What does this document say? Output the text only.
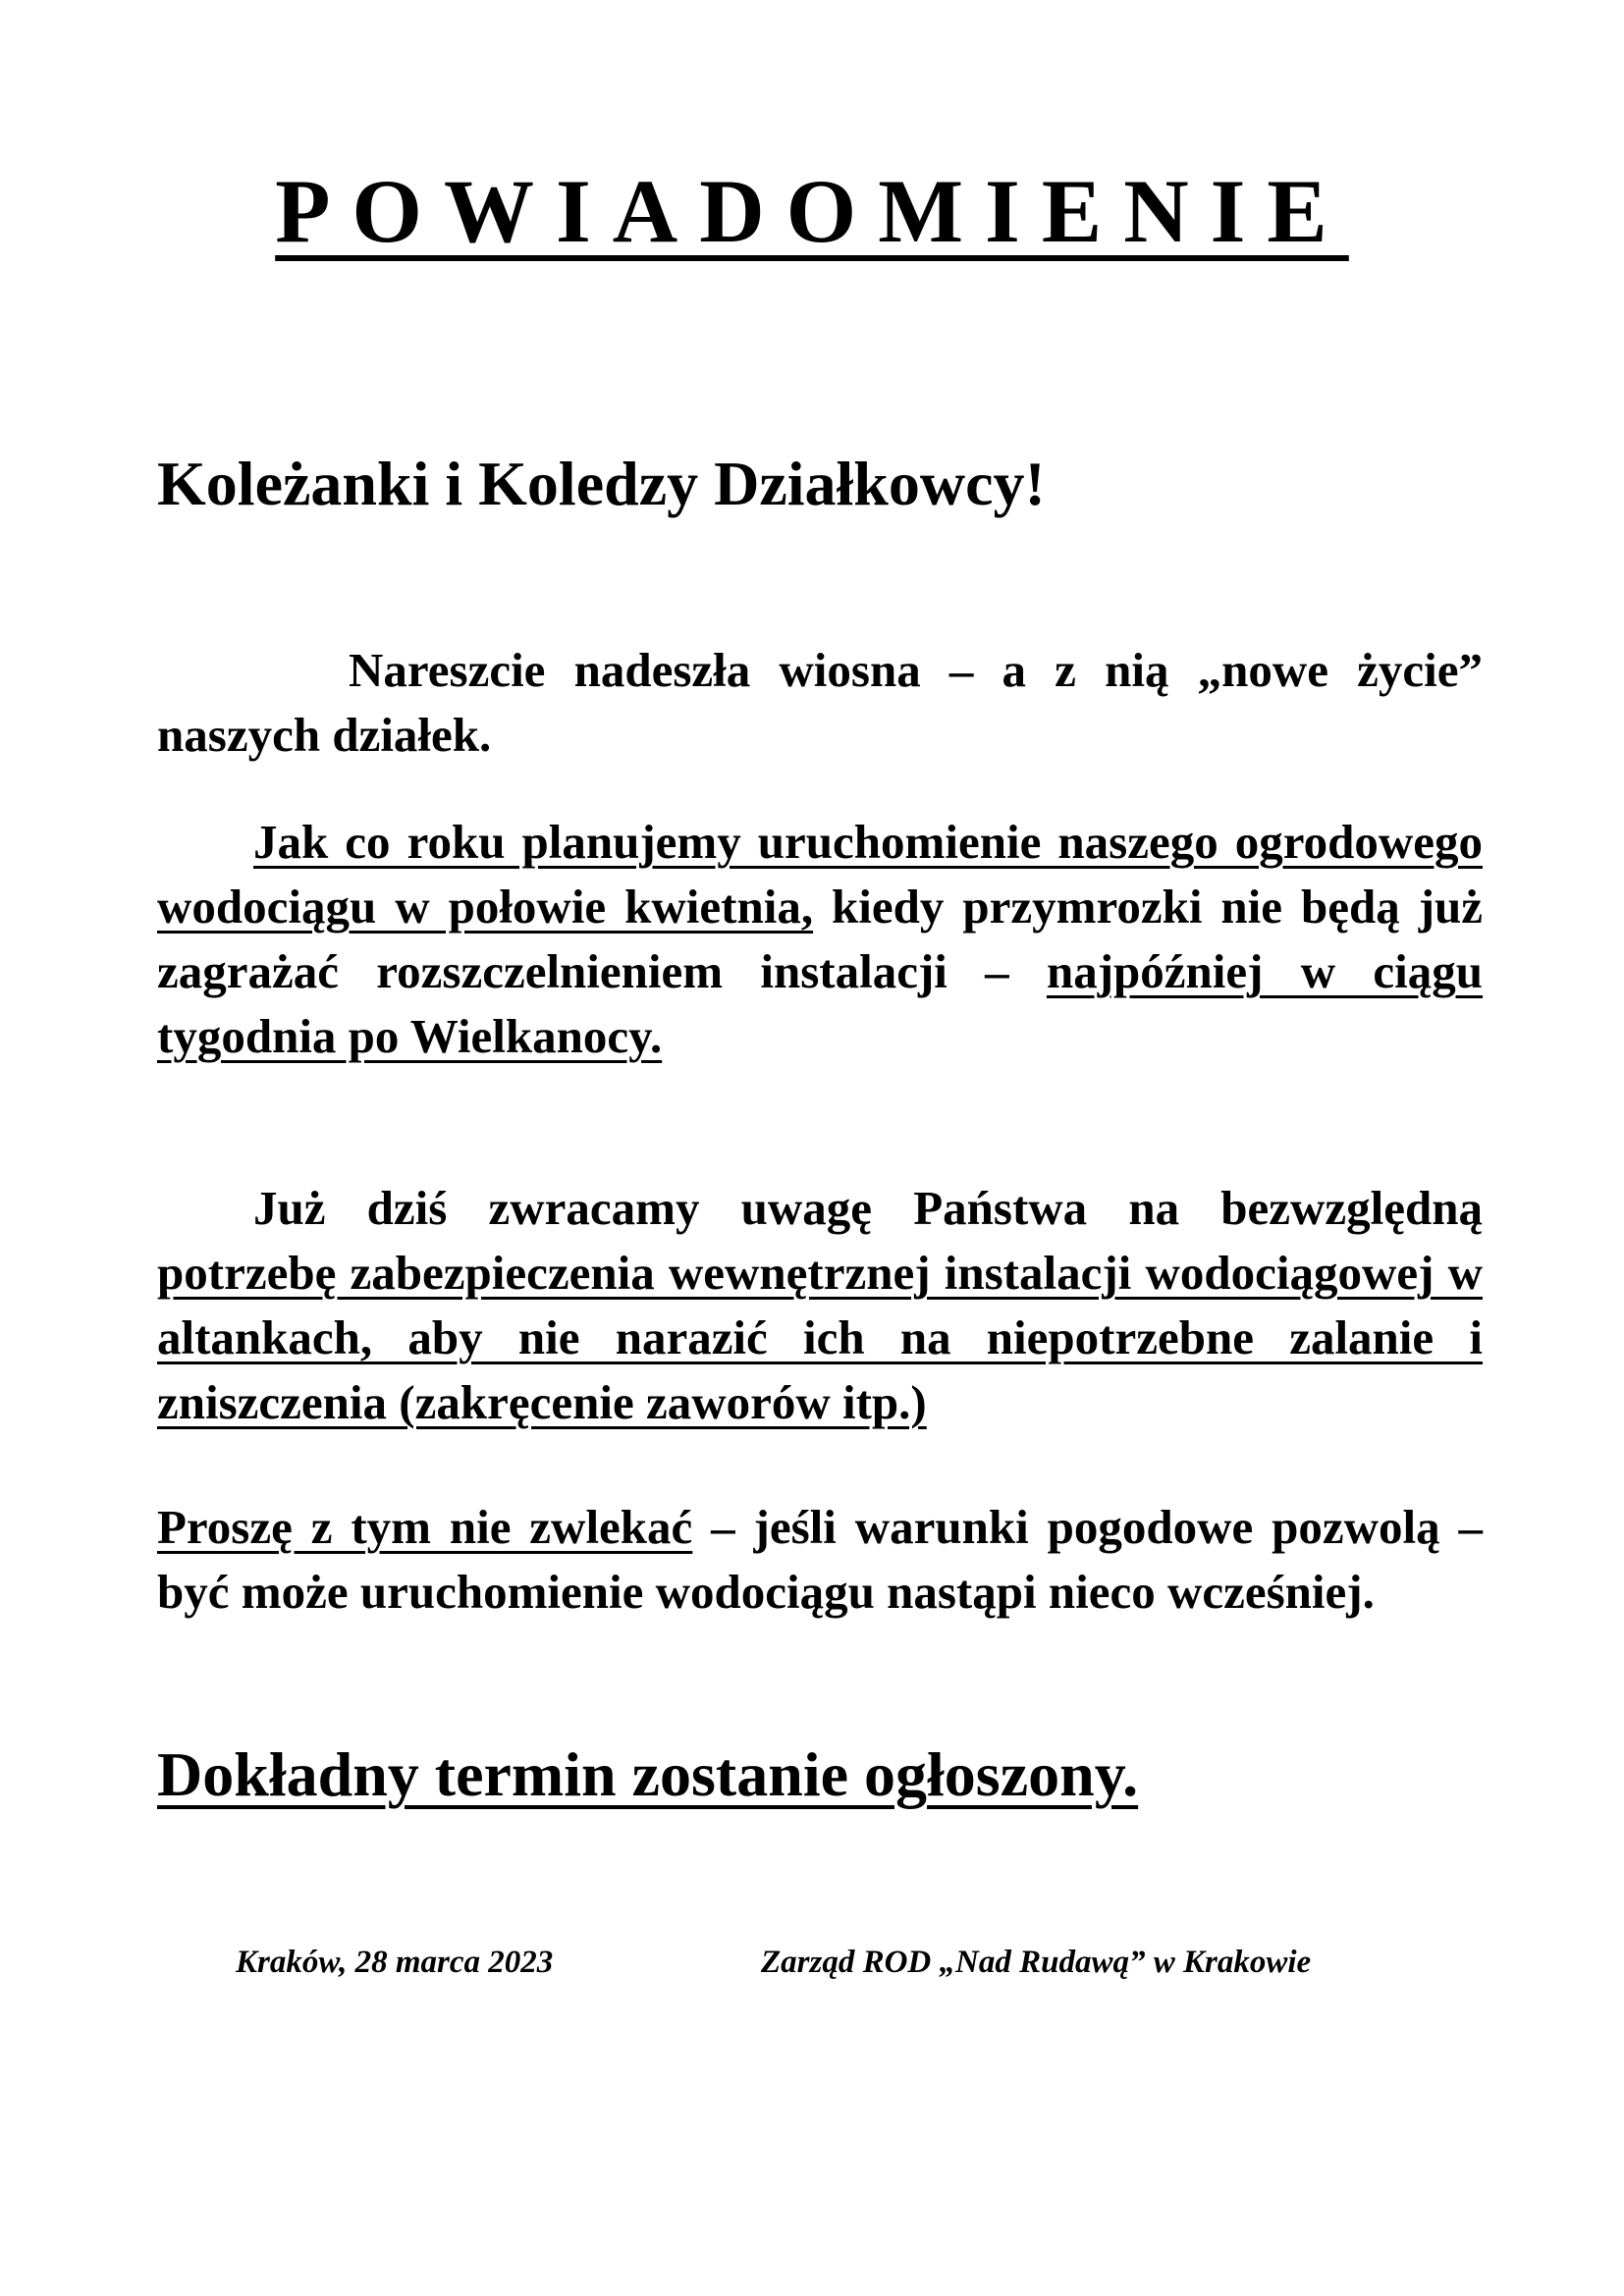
POWIADOMIENIE
Koleżanki i Koledzy Działkowcy!
Nareszcie nadeszła wiosna – a z nią „nowe życie”
naszych działek.
Jak co roku planujemy uruchomienie naszego ogrodowego wodociągu w połowie kwietnia, kiedy przymrozki nie będą już zagrażać rozszczelnieniem instalacji – najpóźniej w ciągu tygodnia po Wielkanocy.
Już dziś zwracamy uwagę Państwa na bezwzględną potrzebę zabezpieczenia wewnętrznej instalacji wodociągowej w altankach, aby nie narazić ich na niepotrzebne zalanie i zniszczenia (zakręcenie zaworów itp.)
Proszę z tym nie zwlekać – jeśli warunki pogodowe pozwolą – być może uruchomienie wodociągu nastąpi nieco wcześniej.
Dokładny termin zostanie ogłoszony.
Kraków, 28 marca 2023	Zarząd ROD „Nad Rudawą” w Krakowie
